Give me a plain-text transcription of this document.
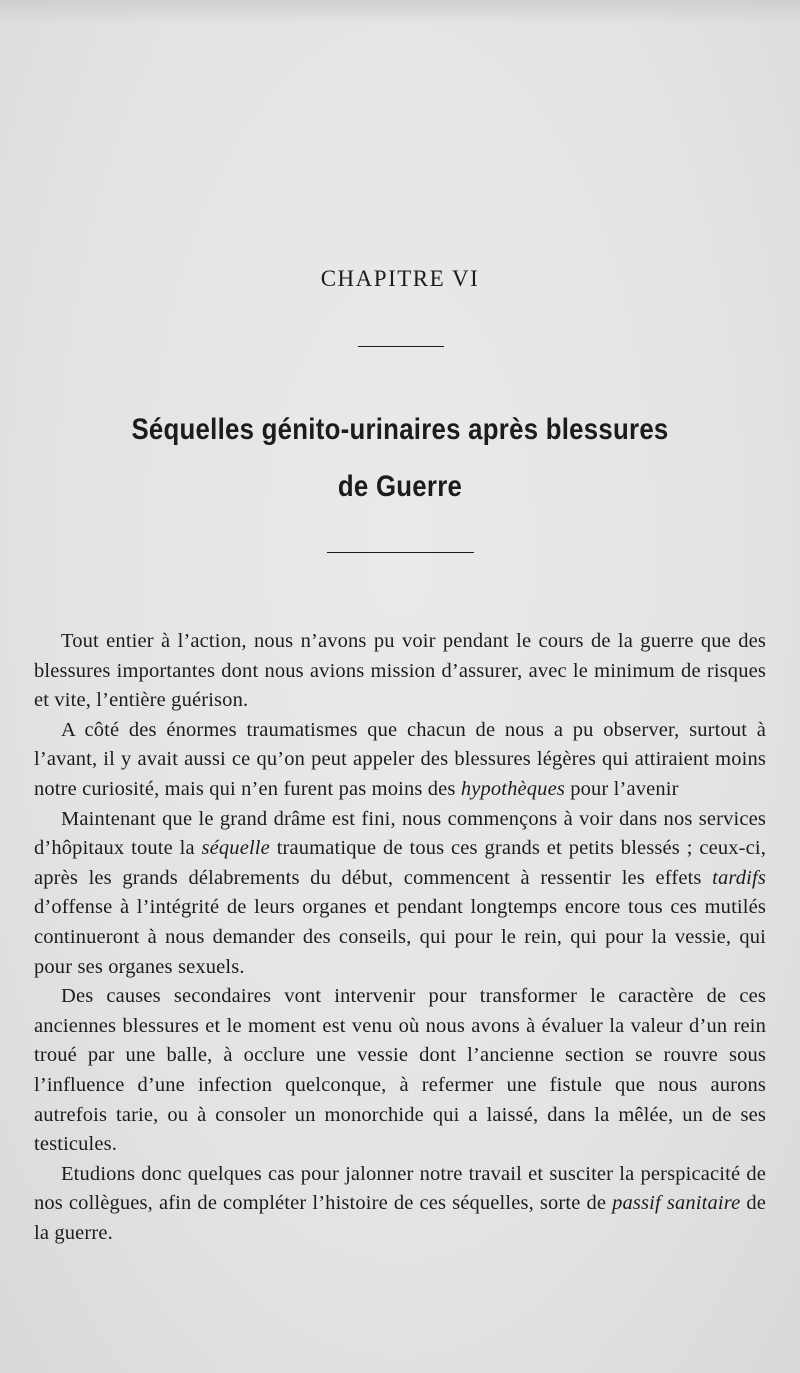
CHAPITRE VI
Séquelles génito-urinaires après blessures
de Guerre

Tout entier à l’action, nous n’avons pu voir pendant le cours de la guerre que des blessures importantes dont nous avions mission d’assurer, avec le minimum de risques et vite, l’entière guérison.

A côté des énormes traumatismes que chacun de nous a pu observer, surtout à l’avant, il y avait aussi ce qu’on peut appeler des blessures légères qui attiraient moins notre curiosité, mais qui n’en furent pas moins des hypothèques pour l’avenir

Maintenant que le grand drâme est fini, nous commençons à voir dans nos services d’hôpitaux toute la séquelle traumatique de tous ces grands et petits blessés ; ceux-ci, après les grands délabrements du début, commencent à ressentir les effets tardifs d’offense à l’intégrité de leurs organes et pendant longtemps encore tous ces mutilés continueront à nous demander des conseils, qui pour le rein, qui pour la vessie, qui pour ses organes sexuels.

Des causes secondaires vont intervenir pour transformer le caractère de ces anciennes blessures et le moment est venu où nous avons à évaluer la valeur d’un rein troué par une balle, à occlure une vessie dont l’ancienne section se rouvre sous l’influence d’une infection quelconque, à refermer une fistule que nous aurons autrefois tarie, ou à consoler un monorchide qui a laissé, dans la mêlée, un de ses testicules.

Etudions donc quelques cas pour jalonner notre travail et susciter la perspicacité de nos collègues, afin de compléter l’histoire de ces séquelles, sorte de passif sanitaire de la guerre.
